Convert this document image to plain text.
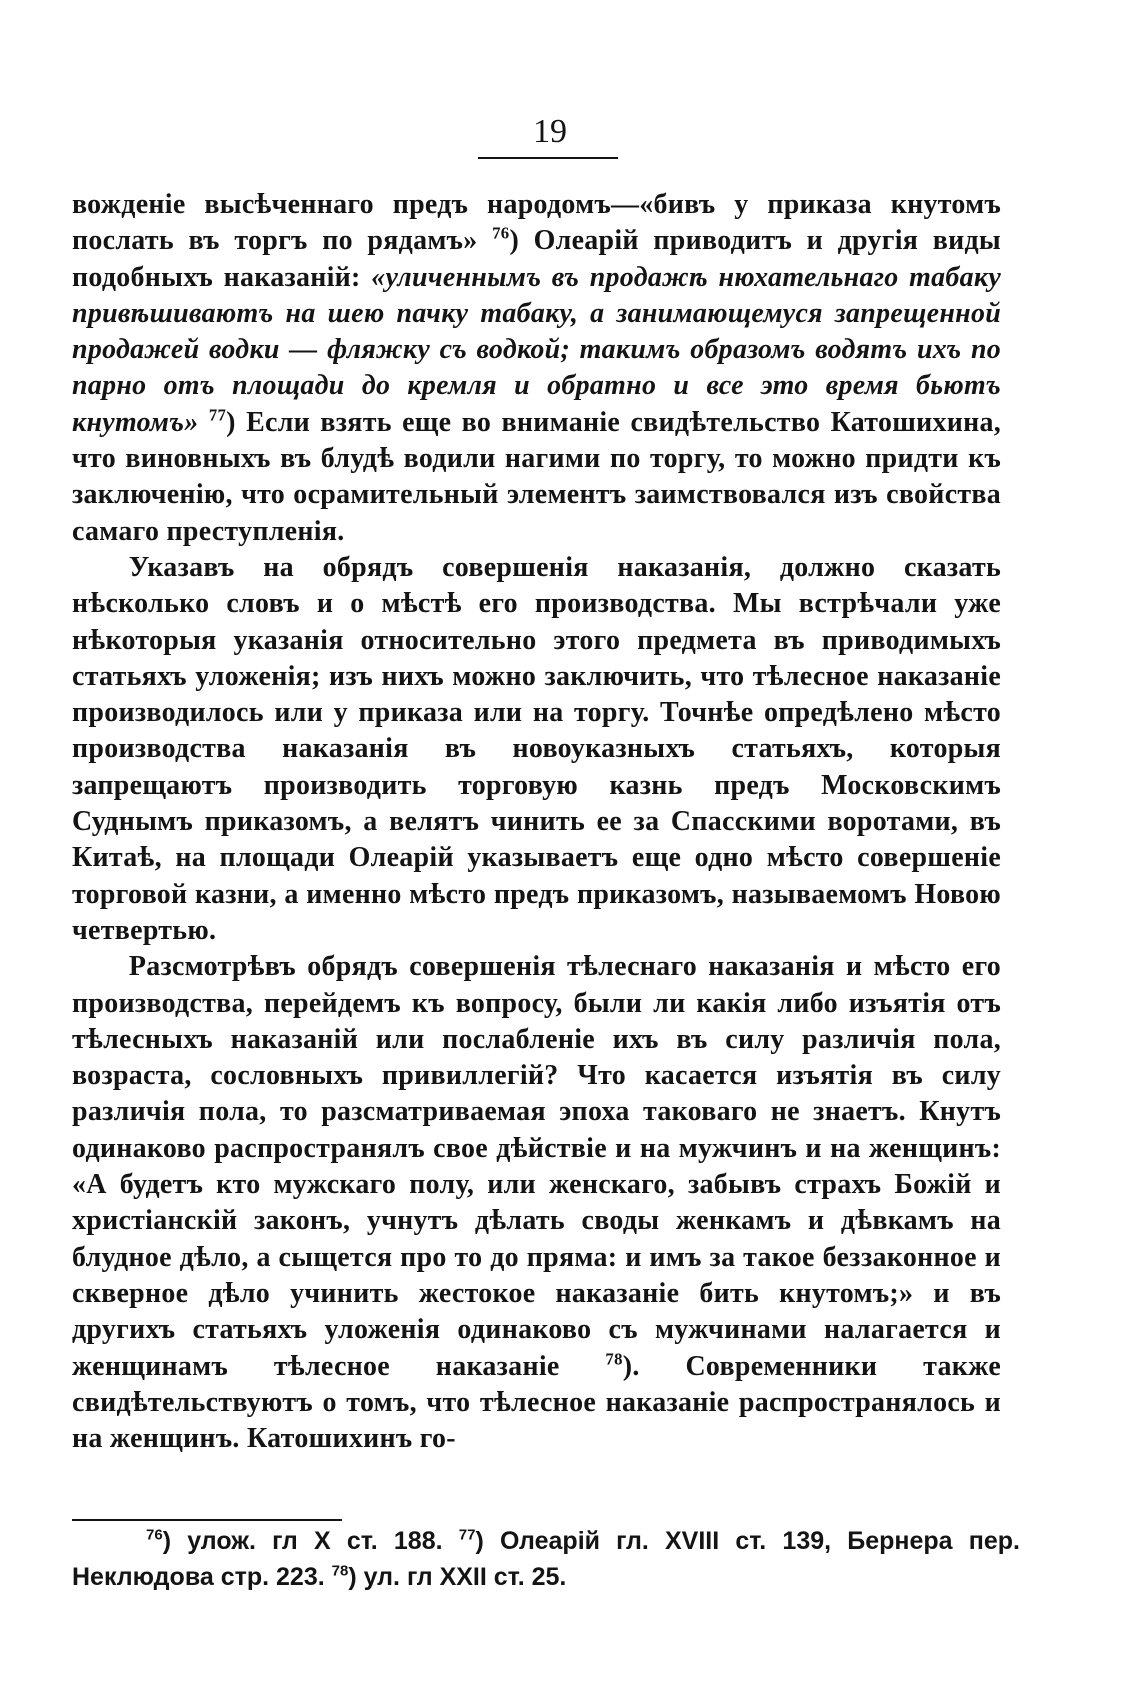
19

вожденіе высѣченнаго предъ народомъ—«бивъ у приказа кнутомъ послать въ торгъ по рядамъ» $^{76}$) Олеарій приводитъ и другія виды подобныхъ наказаній: «уличеннымъ въ продажѣ нюхательнаго табаку привѣшиваютъ на шею пачку табаку, а занимающемуся запрещенной продажей водки — фляжку съ водкой; такимъ образомъ водятъ ихъ по парно отъ площади до кремля и обратно и все это время бьютъ кнутомъ» $^{77}$) Если взять еще во вниманіе свидѣтельство Катошихина, что виновныхъ въ блудѣ водили нагими по торгу, то можно придти къ заключенію, что осрамительный элементъ заимствовался изъ свойства самаго преступленія.

Указавъ на обрядъ совершенія наказанія, должно сказать нѣсколько словъ и о мѣстѣ его производства. Мы встрѣчали уже нѣкоторыя указанія относительно этого предмета въ приводимыхъ статьяхъ уложенія; изъ нихъ можно заключить, что тѣлесное наказаніе производилось или у приказа или на торгу. Точнѣе опредѣлено мѣсто производства наказанія въ новоуказныхъ статьяхъ, которыя запрещаютъ производить торговую казнь предъ Московскимъ Суднымъ приказомъ, а велятъ чинить ее за Спасскими воротами, въ Китаѣ, на площади Олеарій указываетъ еще одно мѣсто совершеніе торговой казни, а именно мѣсто предъ приказомъ, называемомъ Новою четвертью.

Разсмотрѣвъ обрядъ совершенія тѣлеснаго наказанія и мѣсто его производства, перейдемъ къ вопросу, были ли какія либо изъятія отъ тѣлесныхъ наказаній или послабленіе ихъ въ силу различія пола, возраста, сословныхъ привиллегій? Что касается изъятія въ силу различія пола, то разсматриваемая эпоха таковаго не знаетъ. Кнутъ одинаково распространялъ свое дѣйствіе и на мужчинъ и на женщинъ: «А будетъ кто мужскаго полу, или женскаго, забывъ страхъ Божій и христіанскій законъ, учнутъ дѣлать своды женкамъ и дѣвкамъ на блудное дѣло, а сыщется про то до пряма: и имъ за такое беззаконное и скверное дѣло учинить жестокое наказаніе бить кнутомъ;» и въ другихъ статьяхъ уложенія одинаково съ мужчинами налагается и женщинамъ тѣлесное наказаніе	$^{78}$). Современники также свидѣтельствуютъ о томъ, что тѣлесное наказаніе распространялось и на женщинъ. Катошихинъ го-

$^{76}$) улож. гл Х ст. 188. $^{77}$) Олеарій гл. XVIII ст. 139, Бернера пер. Неклюдова стр. 223. $^{78}$) ул. гл XXII ст. 25.
